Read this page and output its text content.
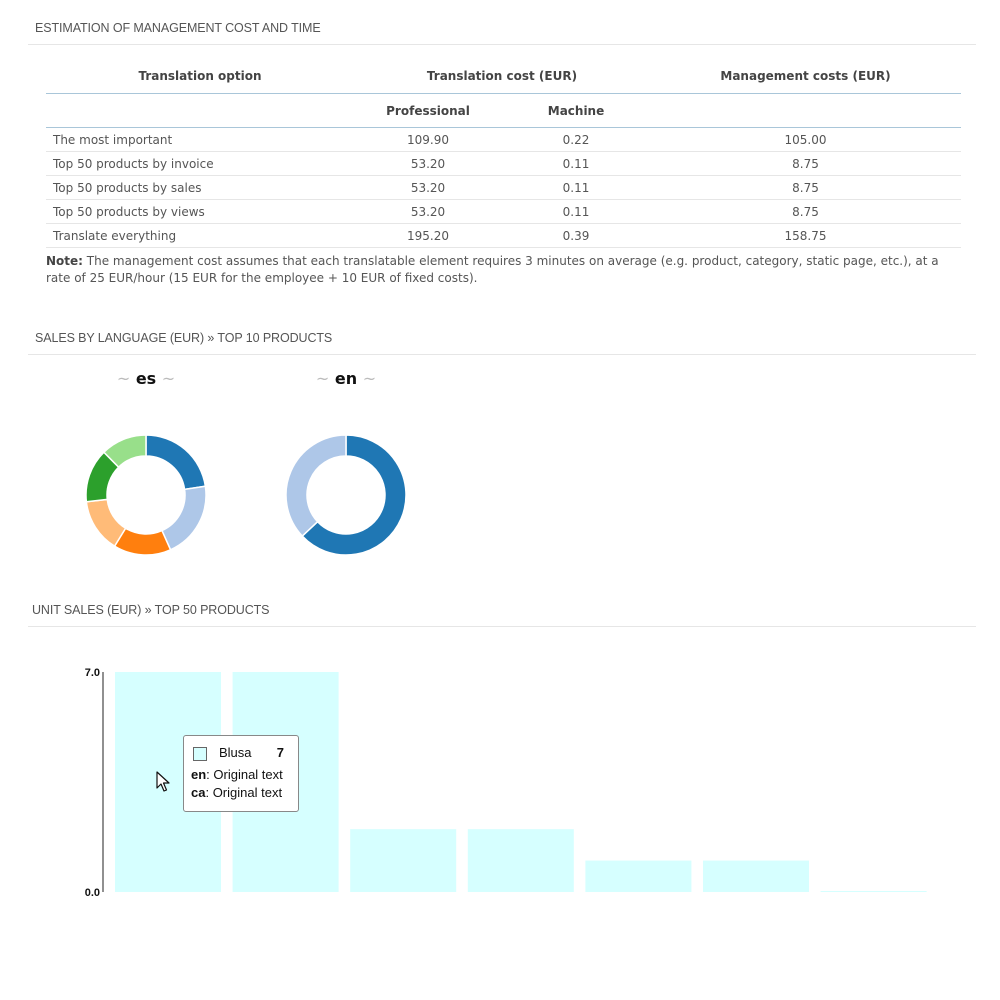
ESTIMATION OF MANAGEMENT COST AND TIME
Translation option	Translation cost (EUR)		Management costs (EUR)
	Professional	Machine	
The most important	109.90	0.22	105.00
Top 50 products by invoice	53.20	0.11	8.75
Top 50 products by sales	53.20	0.11	8.75
Top 50 products by views	53.20	0.11	8.75
Translate everything	195.20	0.39	158.75
Note: The management cost assumes that each translatable element requires 3 minutes on average (e.g. product, category, static page, etc.), at a rate of 25 EUR/hour (15 EUR for the employee + 10 EUR of fixed costs).
SALES BY LANGUAGE (EUR) » TOP 10 PRODUCTS
~ es ~	~ en ~
UNIT SALES (EUR) » TOP 50 PRODUCTS
7.0
0.0
Blusa 7
en: Original text
ca: Original text
